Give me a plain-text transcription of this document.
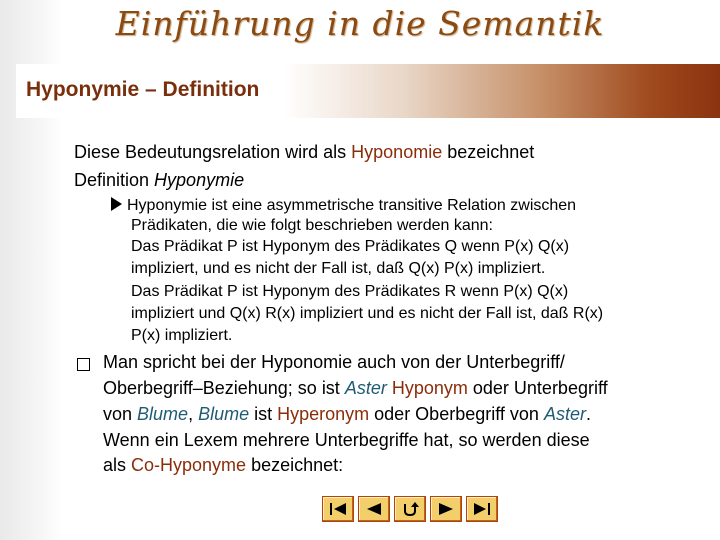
Einführung in die Semantik
Hyponymie – Definition
Diese Bedeutungsrelation wird als Hyponomie bezeichnet
Definition Hyponymie
Hyponymie ist eine asymmetrische transitive Relation zwischen
Prädikaten, die wie folgt beschrieben werden kann:
Das Prädikat P ist Hyponym des Prädikates Q wenn P(x) Q(x)
impliziert, und es nicht der Fall ist, daß Q(x) P(x) impliziert.
Das Prädikat P ist Hyponym des Prädikates R wenn P(x) Q(x)
impliziert und Q(x) R(x) impliziert und es nicht der Fall ist, daß R(x)
P(x) impliziert.
Man spricht bei der Hyponomie auch von der Unterbegriff/
Oberbegriff–Beziehung; so ist Aster Hyponym oder Unterbegriff
von Blume, Blume ist Hyperonym oder Oberbegriff von Aster.
Wenn ein Lexem mehrere Unterbegriffe hat, so werden diese
als Co-Hyponyme bezeichnet:
